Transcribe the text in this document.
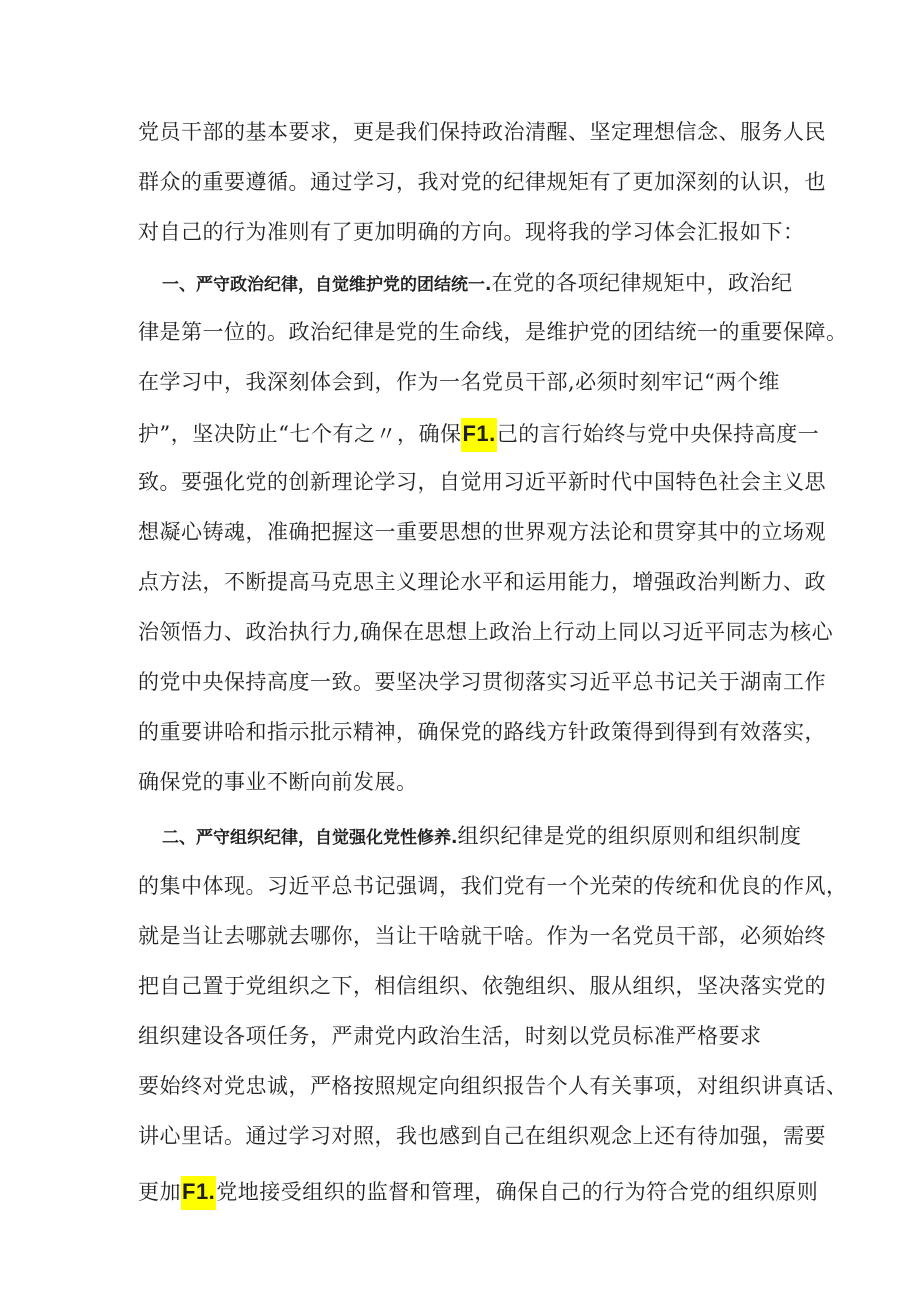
党员干部的基本要求，更是我们保持政治清醒、坚定理想信念、服务人民
群众的重要遵循。通过学习，我对党的纪律规矩有了更加深刻的认识，也
对自己的行为准则有了更加明确的方向。现将我的学习体会汇报如下：
一、严守政治纪律，自觉维护党的团结统一.在党的各项纪律规矩中，政治纪
律是第一位的。政治纪律是党的生命线，是维护党的团结统一的重要保障。
在学习中，我深刻体会到，作为一名党员干部,必须时刻牢记“两个维
护”，坚决防止“七个有之〃，确保F1.己的言行始终与党中央保持高度一
致。要强化党的创新理论学习，自觉用习近平新时代中国特色社会主义思
想凝心铸魂，准确把握这一重要思想的世界观方法论和贯穿其中的立场观
点方法，不断提高马克思主义理论水平和运用能力，增强政治判断力、政
治领悟力、政治执行力,确保在思想上政治上行动上同以习近平同志为核心
的党中央保持高度一致。要坚决学习贯彻落实习近平总书记关于湖南工作
的重要讲哈和指示批示精神，确保党的路线方针政策得到得到有效落实，
确保党的事业不断向前发展。
二、严守组织纪律，自觉强化党性修养.组织纪律是党的组织原则和组织制度
的集中体现。习近平总书记强调，我们党有一个光荣的传统和优良的作风，
就是当让去哪就去哪你，当让干啥就干啥。作为一名党员干部，必须始终
把自己置于党组织之下，相信组织、依匏组织、服从组织，坚决落实党的
组织建设各项任务，严肃党内政治生活，时刻以党员标准严格要求
要始终对党忠诚，严格按照规定向组织报告个人有关事项，对组织讲真话、
讲心里话。通过学习对照，我也感到自己在组织观念上还有待加强，需要
更加F1.党地接受组织的监督和管理，确保自己的行为符合党的组织原则
